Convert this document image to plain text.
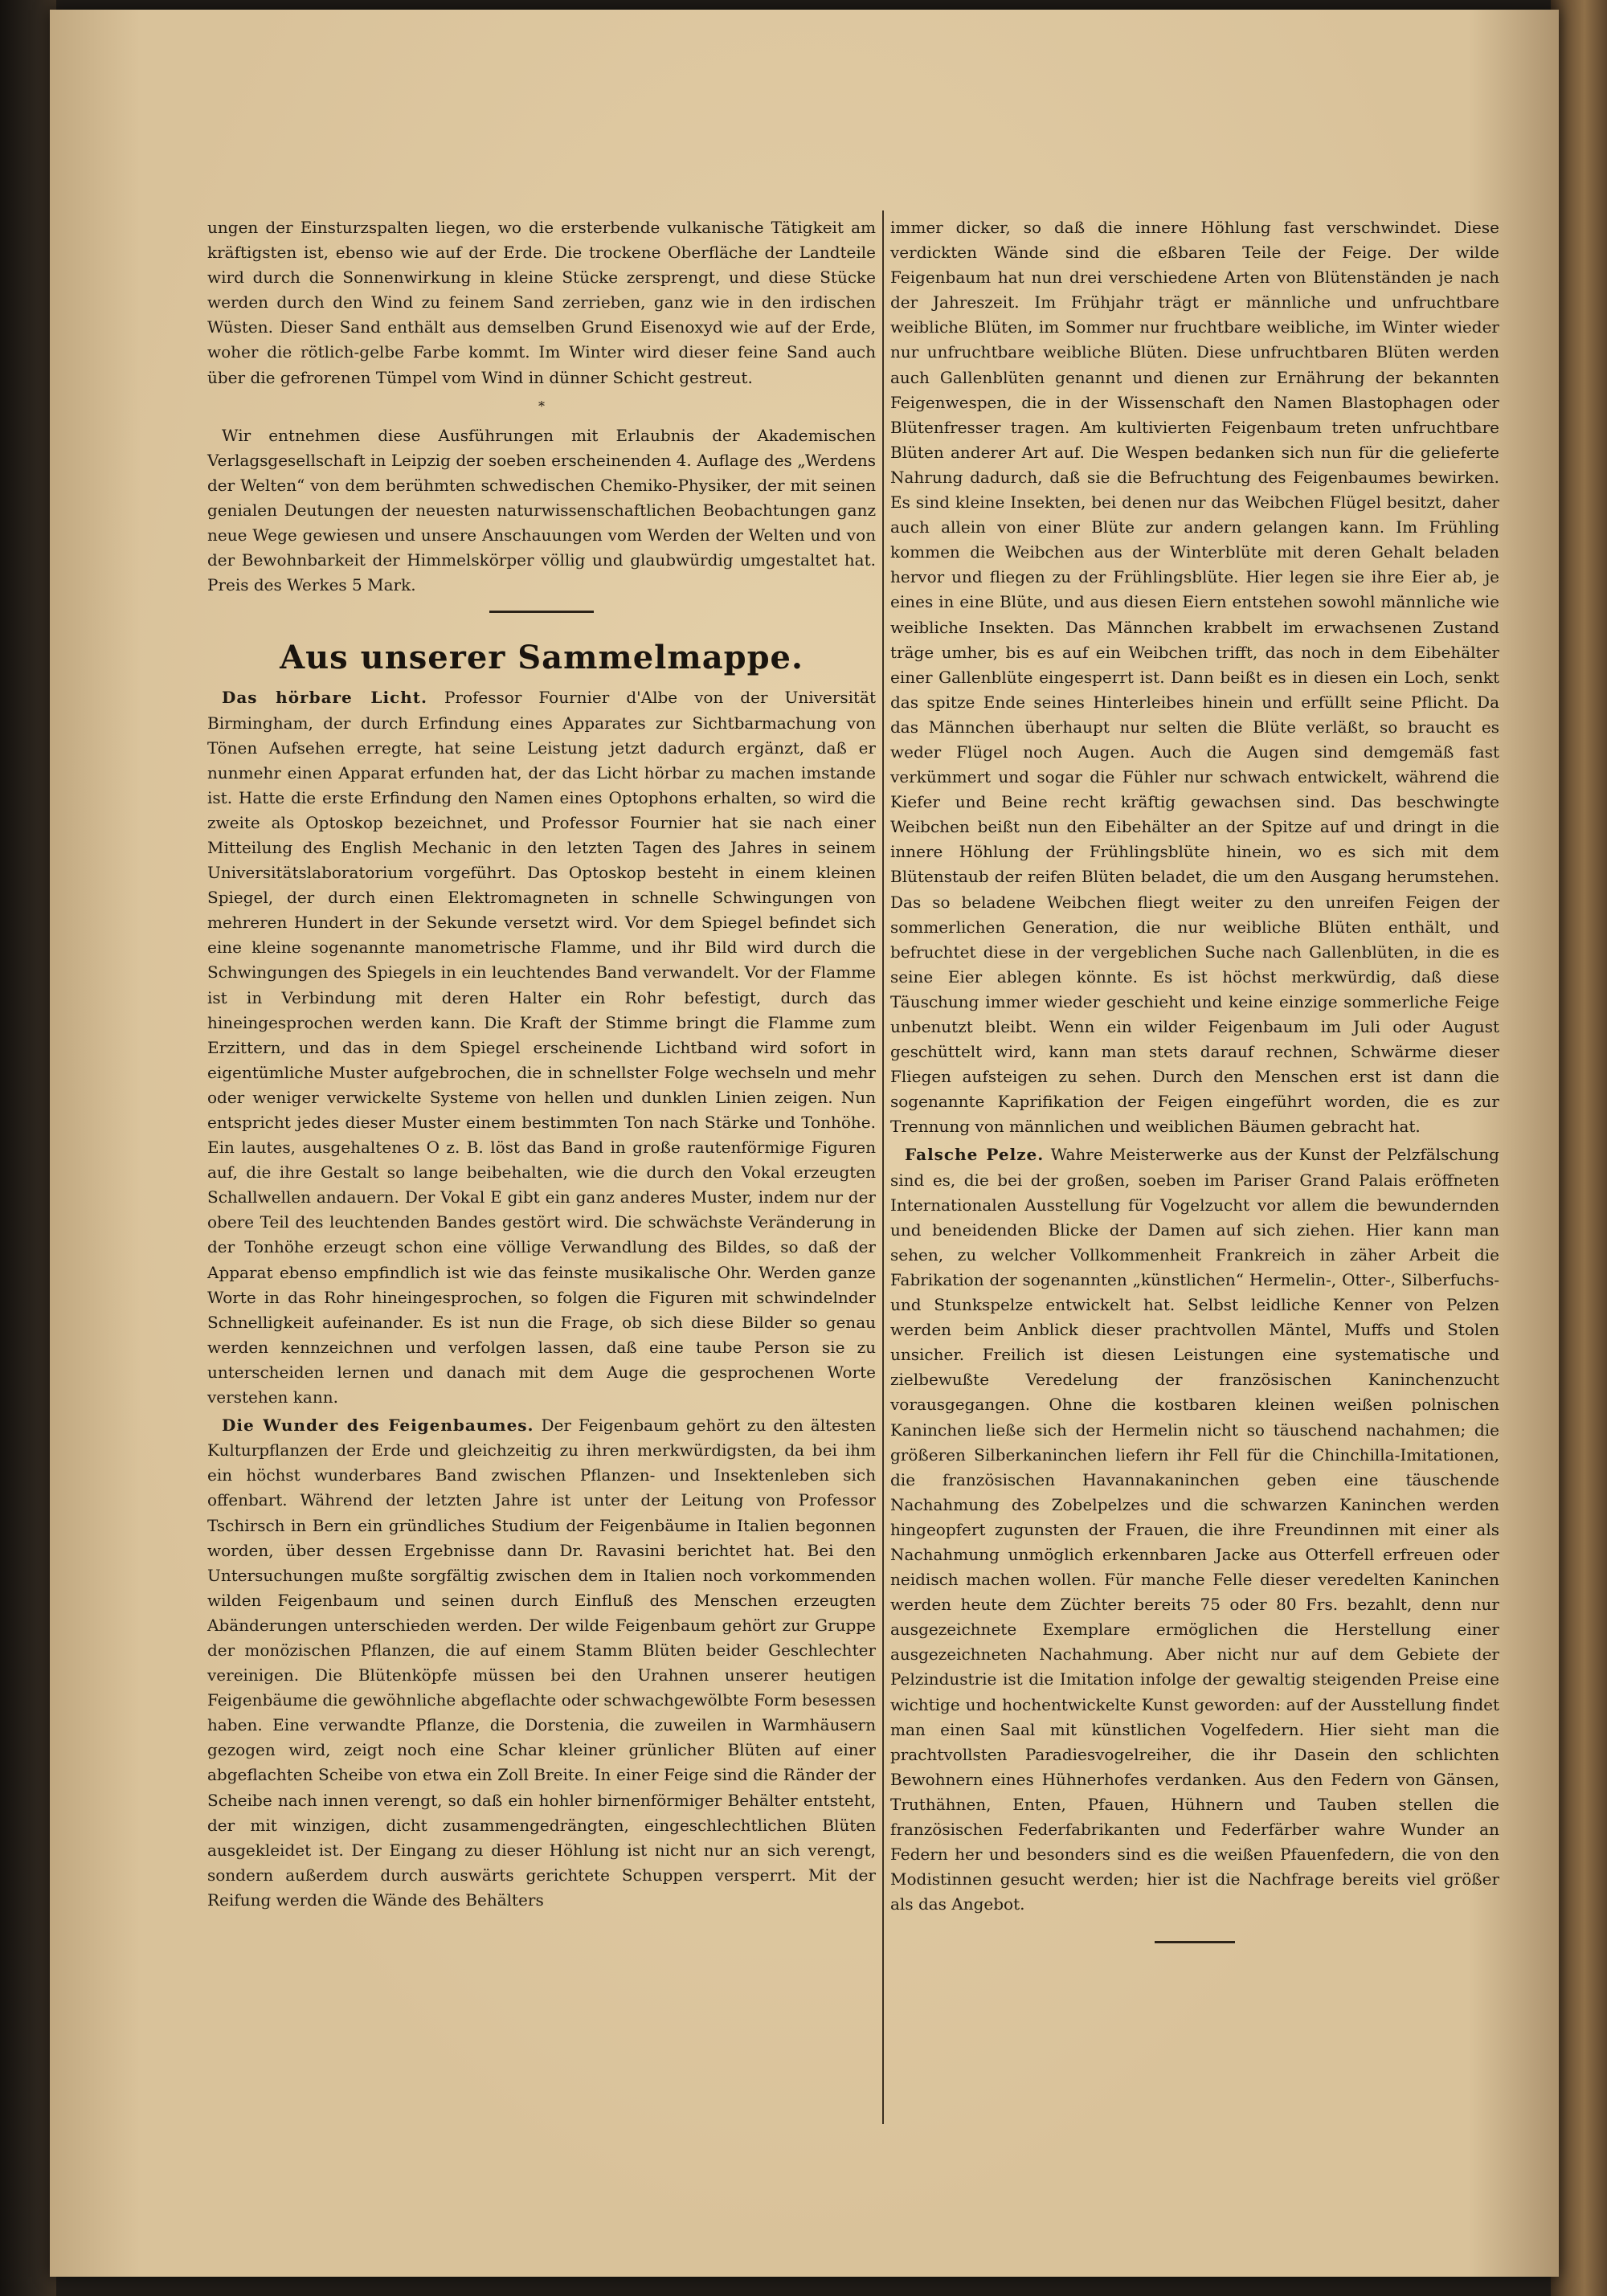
ungen der Einsturzspalten liegen, wo die ersterbende vulkanische Tätigkeit am kräftigsten ist, ebenso wie auf der Erde. Die trockene Oberfläche der Landteile wird durch die Sonnenwirkung in kleine Stücke zersprengt, und diese Stücke werden durch den Wind zu feinem Sand zerrieben, ganz wie in den irdischen Wüsten. Dieser Sand enthält aus demselben Grund Eisenoxyd wie auf der Erde, woher die rötlich-gelbe Farbe kommt. Im Winter wird dieser feine Sand auch über die gefrorenen Tümpel vom Wind in dünner Schicht gestreut.

*

Wir entnehmen diese Ausführungen mit Erlaubnis der Akademischen Verlagsgesellschaft in Leipzig der soeben erscheinenden 4. Auflage des „Werdens der Welten“ von dem berühmten schwedischen Chemiko-Physiker, der mit seinen genialen Deutungen der neuesten naturwissenschaftlichen Beobachtungen ganz neue Wege gewiesen und unsere Anschauungen vom Werden der Welten und von der Bewohnbarkeit der Himmelskörper völlig und glaubwürdig umgestaltet hat. Preis des Werkes 5 Mark.

Aus unserer Sammelmappe.

Das hörbare Licht. Professor Fournier d'Albe von der Universität Birmingham, der durch Erfindung eines Apparates zur Sichtbarmachung von Tönen Aufsehen erregte, hat seine Leistung jetzt dadurch ergänzt, daß er nunmehr einen Apparat erfunden hat, der das Licht hörbar zu machen imstande ist. Hatte die erste Erfindung den Namen eines Optophons erhalten, so wird die zweite als Optoskop bezeichnet, und Professor Fournier hat sie nach einer Mitteilung des English Mechanic in den letzten Tagen des Jahres in seinem Universitätslaboratorium vorgeführt. Das Optoskop besteht in einem kleinen Spiegel, der durch einen Elektromagneten in schnelle Schwingungen von mehreren Hundert in der Sekunde versetzt wird. Vor dem Spiegel befindet sich eine kleine sogenannte manometrische Flamme, und ihr Bild wird durch die Schwingungen des Spiegels in ein leuchtendes Band verwandelt. Vor der Flamme ist in Verbindung mit deren Halter ein Rohr befestigt, durch das hineingesprochen werden kann. Die Kraft der Stimme bringt die Flamme zum Erzittern, und das in dem Spiegel erscheinende Lichtband wird sofort in eigentümliche Muster aufgebrochen, die in schnellster Folge wechseln und mehr oder weniger verwickelte Systeme von hellen und dunklen Linien zeigen. Nun entspricht jedes dieser Muster einem bestimmten Ton nach Stärke und Tonhöhe. Ein lautes, ausgehaltenes O z. B. löst das Band in große rautenförmige Figuren auf, die ihre Gestalt so lange beibehalten, wie die durch den Vokal erzeugten Schallwellen andauern. Der Vokal E gibt ein ganz anderes Muster, indem nur der obere Teil des leuchtenden Bandes gestört wird. Die schwächste Veränderung in der Tonhöhe erzeugt schon eine völlige Verwandlung des Bildes, so daß der Apparat ebenso empfindlich ist wie das feinste musikalische Ohr. Werden ganze Worte in das Rohr hineingesprochen, so folgen die Figuren mit schwindelnder Schnelligkeit aufeinander. Es ist nun die Frage, ob sich diese Bilder so genau werden kennzeichnen und verfolgen lassen, daß eine taube Person sie zu unterscheiden lernen und danach mit dem Auge die gesprochenen Worte verstehen kann.

Die Wunder des Feigenbaumes. Der Feigenbaum gehört zu den ältesten Kulturpflanzen der Erde und gleichzeitig zu ihren merkwürdigsten, da bei ihm ein höchst wunderbares Band zwischen Pflanzen- und Insektenleben sich offenbart. Während der letzten Jahre ist unter der Leitung von Professor Tschirsch in Bern ein gründliches Studium der Feigenbäume in Italien begonnen worden, über dessen Ergebnisse dann Dr. Ravasini berichtet hat. Bei den Untersuchungen mußte sorgfältig zwischen dem in Italien noch vorkommenden wilden Feigenbaum und seinen durch Einfluß des Menschen erzeugten Abänderungen unterschieden werden. Der wilde Feigenbaum gehört zur Gruppe der monözischen Pflanzen, die auf einem Stamm Blüten beider Geschlechter vereinigen. Die Blütenköpfe müssen bei den Urahnen unserer heutigen Feigenbäume die gewöhnliche abgeflachte oder schwachgewölbte Form besessen haben. Eine verwandte Pflanze, die Dorstenia, die zuweilen in Warmhäusern gezogen wird, zeigt noch eine Schar kleiner grünlicher Blüten auf einer abgeflachten Scheibe von etwa ein Zoll Breite. In einer Feige sind die Ränder der Scheibe nach innen verengt, so daß ein hohler birnenförmiger Behälter entsteht, der mit winzigen, dicht zusammengedrängten, eingeschlechtlichen Blüten ausgekleidet ist. Der Eingang zu dieser Höhlung ist nicht nur an sich verengt, sondern außerdem durch auswärts gerichtete Schuppen versperrt. Mit der Reifung werden die Wände des Behälters

immer dicker, so daß die innere Höhlung fast verschwindet. Diese verdickten Wände sind die eßbaren Teile der Feige. Der wilde Feigenbaum hat nun drei verschiedene Arten von Blütenständen je nach der Jahreszeit. Im Frühjahr trägt er männliche und unfruchtbare weibliche Blüten, im Sommer nur fruchtbare weibliche, im Winter wieder nur unfruchtbare weibliche Blüten. Diese unfruchtbaren Blüten werden auch Gallenblüten genannt und dienen zur Ernährung der bekannten Feigenwespen, die in der Wissenschaft den Namen Blastophagen oder Blütenfresser tragen. Am kultivierten Feigenbaum treten unfruchtbare Blüten anderer Art auf. Die Wespen bedanken sich nun für die gelieferte Nahrung dadurch, daß sie die Befruchtung des Feigenbaumes bewirken. Es sind kleine Insekten, bei denen nur das Weibchen Flügel besitzt, daher auch allein von einer Blüte zur andern gelangen kann. Im Frühling kommen die Weibchen aus der Winterblüte mit deren Gehalt beladen hervor und fliegen zu der Frühlingsblüte. Hier legen sie ihre Eier ab, je eines in eine Blüte, und aus diesen Eiern entstehen sowohl männliche wie weibliche Insekten. Das Männchen krabbelt im erwachsenen Zustand träge umher, bis es auf ein Weibchen trifft, das noch in dem Eibehälter einer Gallenblüte eingesperrt ist. Dann beißt es in diesen ein Loch, senkt das spitze Ende seines Hinterleibes hinein und erfüllt seine Pflicht. Da das Männchen überhaupt nur selten die Blüte verläßt, so braucht es weder Flügel noch Augen. Auch die Augen sind demgemäß fast verkümmert und sogar die Fühler nur schwach entwickelt, während die Kiefer und Beine recht kräftig gewachsen sind. Das beschwingte Weibchen beißt nun den Eibehälter an der Spitze auf und dringt in die innere Höhlung der Frühlingsblüte hinein, wo es sich mit dem Blütenstaub der reifen Blüten beladet, die um den Ausgang herumstehen. Das so beladene Weibchen fliegt weiter zu den unreifen Feigen der sommerlichen Generation, die nur weibliche Blüten enthält, und befruchtet diese in der vergeblichen Suche nach Gallenblüten, in die es seine Eier ablegen könnte. Es ist höchst merkwürdig, daß diese Täuschung immer wieder geschieht und keine einzige sommerliche Feige unbenutzt bleibt. Wenn ein wilder Feigenbaum im Juli oder August geschüttelt wird, kann man stets darauf rechnen, Schwärme dieser Fliegen aufsteigen zu sehen. Durch den Menschen erst ist dann die sogenannte Kaprifikation der Feigen eingeführt worden, die es zur Trennung von männlichen und weiblichen Bäumen gebracht hat.

Falsche Pelze. Wahre Meisterwerke aus der Kunst der Pelzfälschung sind es, die bei der großen, soeben im Pariser Grand Palais eröffneten Internationalen Ausstellung für Vogelzucht vor allem die bewundernden und beneidenden Blicke der Damen auf sich ziehen. Hier kann man sehen, zu welcher Vollkommenheit Frankreich in zäher Arbeit die Fabrikation der sogenannten „künstlichen“ Hermelin-, Otter-, Silberfuchs- und Stunkspelze entwickelt hat. Selbst leidliche Kenner von Pelzen werden beim Anblick dieser prachtvollen Mäntel, Muffs und Stolen unsicher. Freilich ist diesen Leistungen eine systematische und zielbewußte Veredelung der französischen Kaninchenzucht vorausgegangen. Ohne die kostbaren kleinen weißen polnischen Kaninchen ließe sich der Hermelin nicht so täuschend nachahmen; die größeren Silberkaninchen liefern ihr Fell für die Chinchilla-Imitationen, die französischen Havannakaninchen geben eine täuschende Nachahmung des Zobelpelzes und die schwarzen Kaninchen werden hingeopfert zugunsten der Frauen, die ihre Freundinnen mit einer als Nachahmung unmöglich erkennbaren Jacke aus Otterfell erfreuen oder neidisch machen wollen. Für manche Felle dieser veredelten Kaninchen werden heute dem Züchter bereits 75 oder 80 Frs. bezahlt, denn nur ausgezeichnete Exemplare ermöglichen die Herstellung einer ausgezeichneten Nachahmung. Aber nicht nur auf dem Gebiete der Pelzindustrie ist die Imitation infolge der gewaltig steigenden Preise eine wichtige und hochentwickelte Kunst geworden: auf der Ausstellung findet man einen Saal mit künstlichen Vogelfedern. Hier sieht man die prachtvollsten Paradiesvogelreiher, die ihr Dasein den schlichten Bewohnern eines Hühnerhofes verdanken. Aus den Federn von Gänsen, Truthähnen, Enten, Pfauen, Hühnern und Tauben stellen die französischen Federfabrikanten und Federfärber wahre Wunder an Federn her und besonders sind es die weißen Pfauenfedern, die von den Modistinnen gesucht werden; hier ist die Nachfrage bereits viel größer als das Angebot.
